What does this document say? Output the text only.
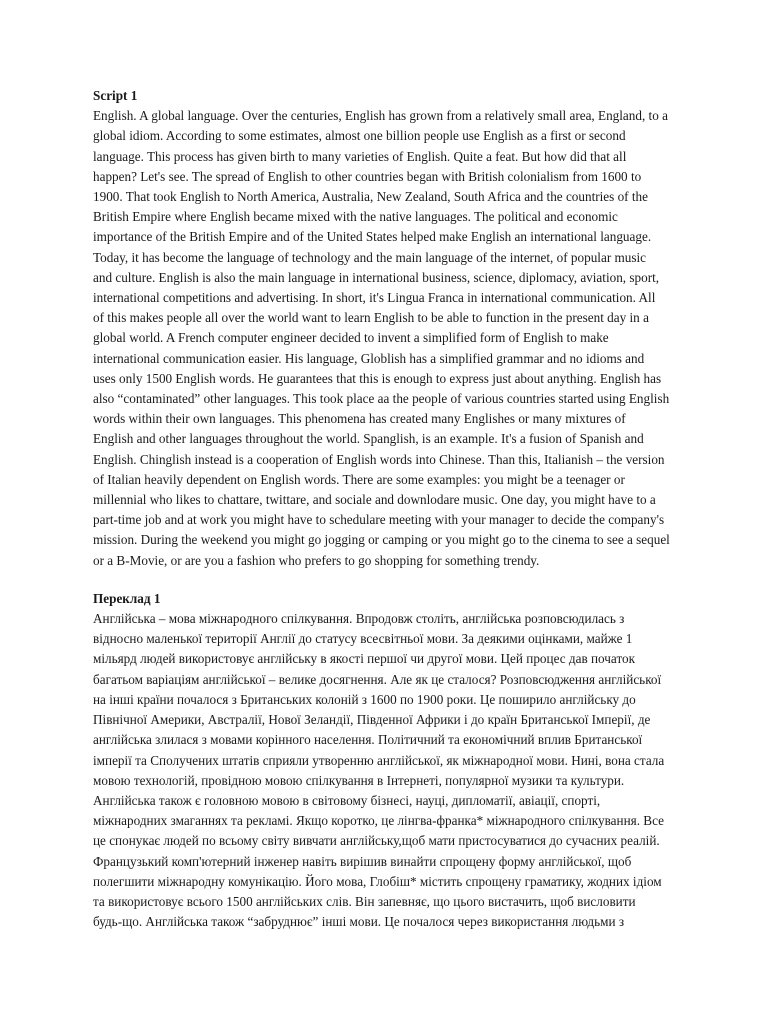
Script 1

English. A global language. Over the centuries, English has grown from a relatively small area, England, to a
global idiom. According to some estimates, almost one billion people use English as a first or second
language. This process has given birth to many varieties of English. Quite a feat. But how did that all
happen? Let's see. The spread of English to other countries began with British colonialism from 1600 to
1900. That took English to North America, Australia, New Zealand, South Africa and the countries of the
British Empire where English became mixed with the native languages. The political and economic
importance of the British Empire and of the United States helped make English an international language.
Today, it has become the language of technology and the main language of the internet, of popular music
and culture. English is also the main language in international business, science, diplomacy, aviation, sport,
international competitions and advertising. In short, it's Lingua Franca in international communication. All
of this makes people all over the world want to learn English to be able to function in the present day in a
global world. A French computer engineer decided to invent a simplified form of English to make
international communication easier. His language, Globlish has a simplified grammar and no idioms and
uses only 1500 English words. He guarantees that this is enough to express just about anything. English has
also “contaminated” other languages. This took place aa the people of various countries started using English
words within their own languages. This phenomena has created many Englishes or many mixtures of
English and other languages throughout the world. Spanglish, is an example. It's a fusion of Spanish and
English. Chinglish instead is a cooperation of English words into Chinese. Than this, Italianish – the version
of Italian heavily dependent on English words. There are some examples: you might be a teenager or
millennial who likes to chattare, twittare, and sociale and downlodare music. One day, you might have to a
part-time job and at work you might have to schedulare meeting with your manager to decide the company's
mission. During the weekend you might go jogging or camping or you might go to the cinema to see a sequel
or a B-Movie, or are you a fashion who prefers to go shopping for something trendy.

Переклад 1

Англійська – мова міжнародного спілкування. Впродовж століть, англійська розповсюдилась з
відносно маленької території Англії до статусу всесвітньої мови. За деякими оцінками, майже 1
мільярд людей використовує англійську в якості першої чи другої мови. Цей процес дав початок
багатьом варіаціям англійської – велике досягнення. Але як це сталося? Розповсюдження англійської
на інші країни почалося з Британських колоній з 1600 по 1900 роки. Це поширило англійську до
Північної Америки, Австралії, Нової Зеландії, Південної Африки і до країн Британської Імперії, де
англійська злилася з мовами корінного населення. Політичний та економічний вплив Британської
імперії та Сполучених штатів сприяли утворенню англійської, як міжнародної мови. Нині, вона стала
мовою технологій, провідною мовою спілкування в Інтернеті, популярної музики та культури.
Англійська також є головною мовою в світовому бізнесі, науці, дипломатії, авіації, спорті,
міжнародних змаганнях та рекламі. Якщо коротко, це лінгва-франка* міжнародного спілкування. Все
це спонукає людей по всьому світу вивчати англійську,щоб мати пристосуватися до сучасних реалій.
Французький комп'ютерний інженер навіть вирішив винайти спрощену форму англійської, щоб
полегшити міжнародну комунікацію. Його мова, Глобіш* містить спрощену граматику, жодних ідіом
та використовує всього 1500 англійських слів. Він запевняє, що цього вистачить, щоб висловити
будь-що. Англійська також “забруднює” інші мови. Це почалося через використання людьми з
